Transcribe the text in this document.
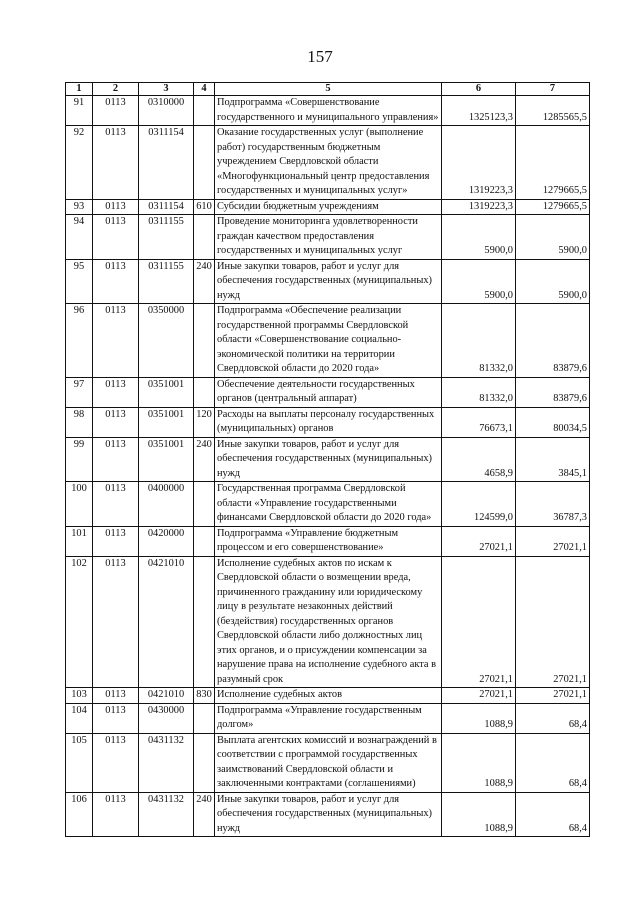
157
1	2	3	4	5	6	7
91	0113	0310000		Подпрограмма «Совершенствование государственного и муниципального управления»	1325123,3	1285565,5
92	0113	0311154		Оказание государственных услуг (выполнение работ) государственным бюджетным учреждением Свердловской области «Многофункциональный центр предоставления государственных и муниципальных услуг»	1319223,3	1279665,5
93	0113	0311154	610	Субсидии бюджетным учреждениям	1319223,3	1279665,5
94	0113	0311155		Проведение мониторинга удовлетворенности граждан качеством предоставления государственных и муниципальных услуг	5900,0	5900,0
95	0113	0311155	240	Иные закупки товаров, работ и услуг для обеспечения государственных (муниципальных) нужд	5900,0	5900,0
96	0113	0350000		Подпрограмма «Обеспечение реализации государственной программы Свердловской области «Совершенствование социально-экономической политики на территории Свердловской области до 2020 года»	81332,0	83879,6
97	0113	0351001		Обеспечение деятельности государственных органов (центральный аппарат)	81332,0	83879,6
98	0113	0351001	120	Расходы на выплаты персоналу государственных (муниципальных) органов	76673,1	80034,5
99	0113	0351001	240	Иные закупки товаров, работ и услуг для обеспечения государственных (муниципальных) нужд	4658,9	3845,1
100	0113	0400000		Государственная программа Свердловской области «Управление государственными финансами Свердловской области до 2020 года»	124599,0	36787,3
101	0113	0420000		Подпрограмма «Управление бюджетным процессом и его совершенствование»	27021,1	27021,1
102	0113	0421010		Исполнение судебных актов по искам к Свердловской области о возмещении вреда, причиненного гражданину или юридическому лицу в результате незаконных действий (бездействия) государственных органов Свердловской области либо должностных лиц этих органов, и о присуждении компенсации за нарушение права на исполнение судебного акта в разумный срок	27021,1	27021,1
103	0113	0421010	830	Исполнение судебных актов	27021,1	27021,1
104	0113	0430000		Подпрограмма «Управление государственным долгом»	1088,9	68,4
105	0113	0431132		Выплата агентских комиссий и вознаграждений в соответствии с программой государственных заимствований Свердловской области и заключенными контрактами (соглашениями)	1088,9	68,4
106	0113	0431132	240	Иные закупки товаров, работ и услуг для обеспечения государственных (муниципальных) нужд	1088,9	68,4
